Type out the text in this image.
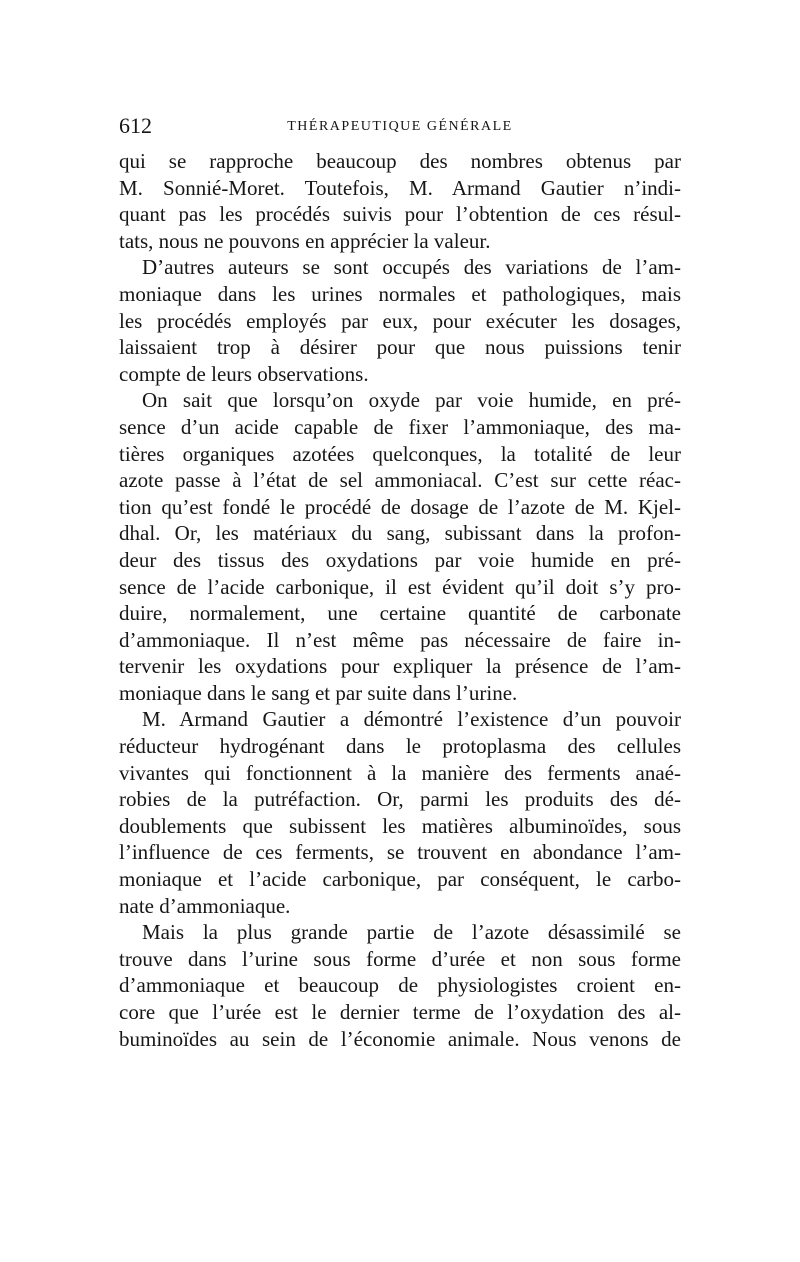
612	THÉRAPEUTIQUE GÉNÉRALE
qui se rapproche beaucoup des nombres obtenus par
M. Sonnié-Moret. Toutefois, M. Armand Gautier n’indi-
quant pas les procédés suivis pour l’obtention de ces résul-
tats, nous ne pouvons en apprécier la valeur.
D’autres auteurs se sont occupés des variations de l’am-
moniaque dans les urines normales et pathologiques, mais
les procédés employés par eux, pour exécuter les dosages,
laissaient trop à désirer pour que nous puissions tenir
compte de leurs observations.
On sait que lorsqu’on oxyde par voie humide, en pré-
sence d’un acide capable de fixer l’ammoniaque, des ma-
tières organiques azotées quelconques, la totalité de leur
azote passe à l’état de sel ammoniacal. C’est sur cette réac-
tion qu’est fondé le procédé de dosage de l’azote de M. Kjel-
dhal. Or, les matériaux du sang, subissant dans la profon-
deur des tissus des oxydations par voie humide en pré-
sence de l’acide carbonique, il est évident qu’il doit s’y pro-
duire, normalement, une certaine quantité de carbonate
d’ammoniaque. Il n’est même pas nécessaire de faire in-
tervenir les oxydations pour expliquer la présence de l’am-
moniaque dans le sang et par suite dans l’urine.
M. Armand Gautier a démontré l’existence d’un pouvoir
réducteur hydrogénant dans le protoplasma des cellules
vivantes qui fonctionnent à la manière des ferments anaé-
robies de la putréfaction. Or, parmi les produits des dé-
doublements que subissent les matières albuminoïdes, sous
l’influence de ces ferments, se trouvent en abondance l’am-
moniaque et l’acide carbonique, par conséquent, le carbo-
nate d’ammoniaque.
Mais la plus grande partie de l’azote désassimilé se
trouve dans l’urine sous forme d’urée et non sous forme
d’ammoniaque et beaucoup de physiologistes croient en-
core que l’urée est le dernier terme de l’oxydation des al-
buminoïdes au sein de l’économie animale. Nous venons de
